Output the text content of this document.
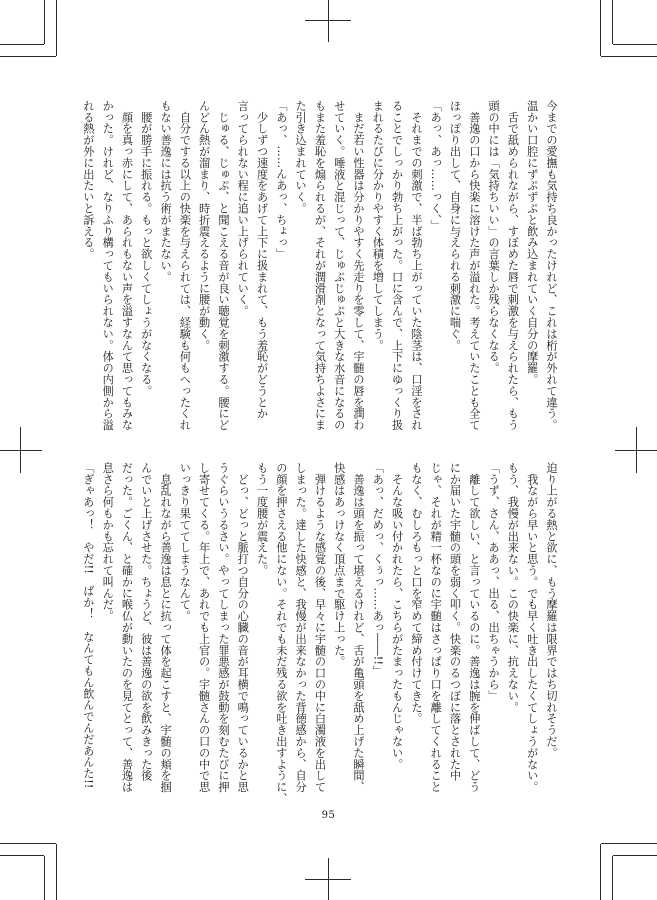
今までの愛撫も気持ち良かったけれど、これは桁が外れて違う。
温かい口腔にずぷずぷと飲み込まれていく自分の摩羅。
　舌で舐められながら、すぼめた唇で刺激を与えられたら、もう
頭の中には「気持ちいい」の言葉しか残らなくなる。
　善逸の口から快楽に溶けた声が溢れた。考えていたことも全て
ほっぽり出して、自身に与えられる刺激に喘ぐ。
「あっ、あっ……っく、」
　それまでの刺激で、半ば勃ち上がっていた陰茎は、口淫をされ
ることでしっかり勃ち上がった。口に含んで、上下にゆっくり扱
まれるたびに分かりやすく体積を増してしまう。
　まだ若い性器は分かりやすく先走りを零して、宇髄の唇を潤わ
せていく。唾液と混じって、じゅぷじゅぷと大きな水音になるの
もまた羞恥を煽られるが、それが潤滑剤となって気持ちよさにま
た引き込まれていく。
「あっ、……んあっ、ちょっ」
　少しずつ速度をあげて上下に扱まれて、もう羞恥がどうとか
言ってられない程に追い上げられていく。
　じゅる、じゅぷ、と聞こえる音が良い聴覚を刺激する。腰にど
んどん熱が溜まり、時折震えるように腰が動く。
　自分でする以上の快楽を与えられては、経験も何もへったくれ
もない善逸には抗う術がまたない。
　腰が勝手に振れる。もっと欲しくてしょうがなくなる。
　顔を真っ赤にして、あられもない声を溢すなんて思ってもみな
かった。けれど、なりふり構ってもいられない。体の内側から溢
れる熱が外に出たいと訴える。
迫り上がる熱と欲に、もう摩羅は限界ではち切れそうだ。
　我ながら早いと思う。でも早く吐き出したくてしょうがない。
もう、我慢が出来ない。この快楽に、抗えない。
「うず、さん、ああっ、出る、出ちゃうから」
　離して欲しい、と言っているのに。善逸は腕を伸ばして、どう
にか届いた宇髄の頭を弱く叩く。快楽のるつぼに落とされた中
じゃ、それが精一杯なのに宇髄はさっぱり口を離してくれること
もなく、むしろもっと口を窄めて締め付けてきた。
　そんな吸い付かれたら、こちらがたまったもんじゃない。
「あっ、だめっ、くぅっ……あっ――!!」
　善逸は頭を振って堪えるけれど、舌が亀頭を舐め上げた瞬間、
快感はあっけなく頂点まで駆け上った。
　弾けるような感覚の後、早々に宇髄の口の中に白濁液を出して
しまった。達した快感と、我慢が出来なかった背徳感から、自分
の顔を押さえる他にない。それでも未だ残る欲を吐き出すように、
もう一度腰が震えた。
　どっ、どっと脈打つ自分の心臓の音が耳横で鳴っているかと思
うぐらいうるさい。やってしまった罪悪感が鼓動を刻むたびに押
し寄せてくる。年上で、あれでも上官の。宇髄さんの口の中で思
いっきり果ててしまうなんて。
　息乱れながら善逸は息とに抗って体を起こすと、宇髄の頬を掴
んでいと上げさせた。ちょうど、彼は善逸の欲を飲みきった後
だった。ごくん、と確かに喉仏が動いたのを見てとって、善逸は
息さら何もかも忘れて叫んだ。
「ぎゃあっ！　やだ!!　ばか！　なんてもん飲んでんだあんた!!
95
